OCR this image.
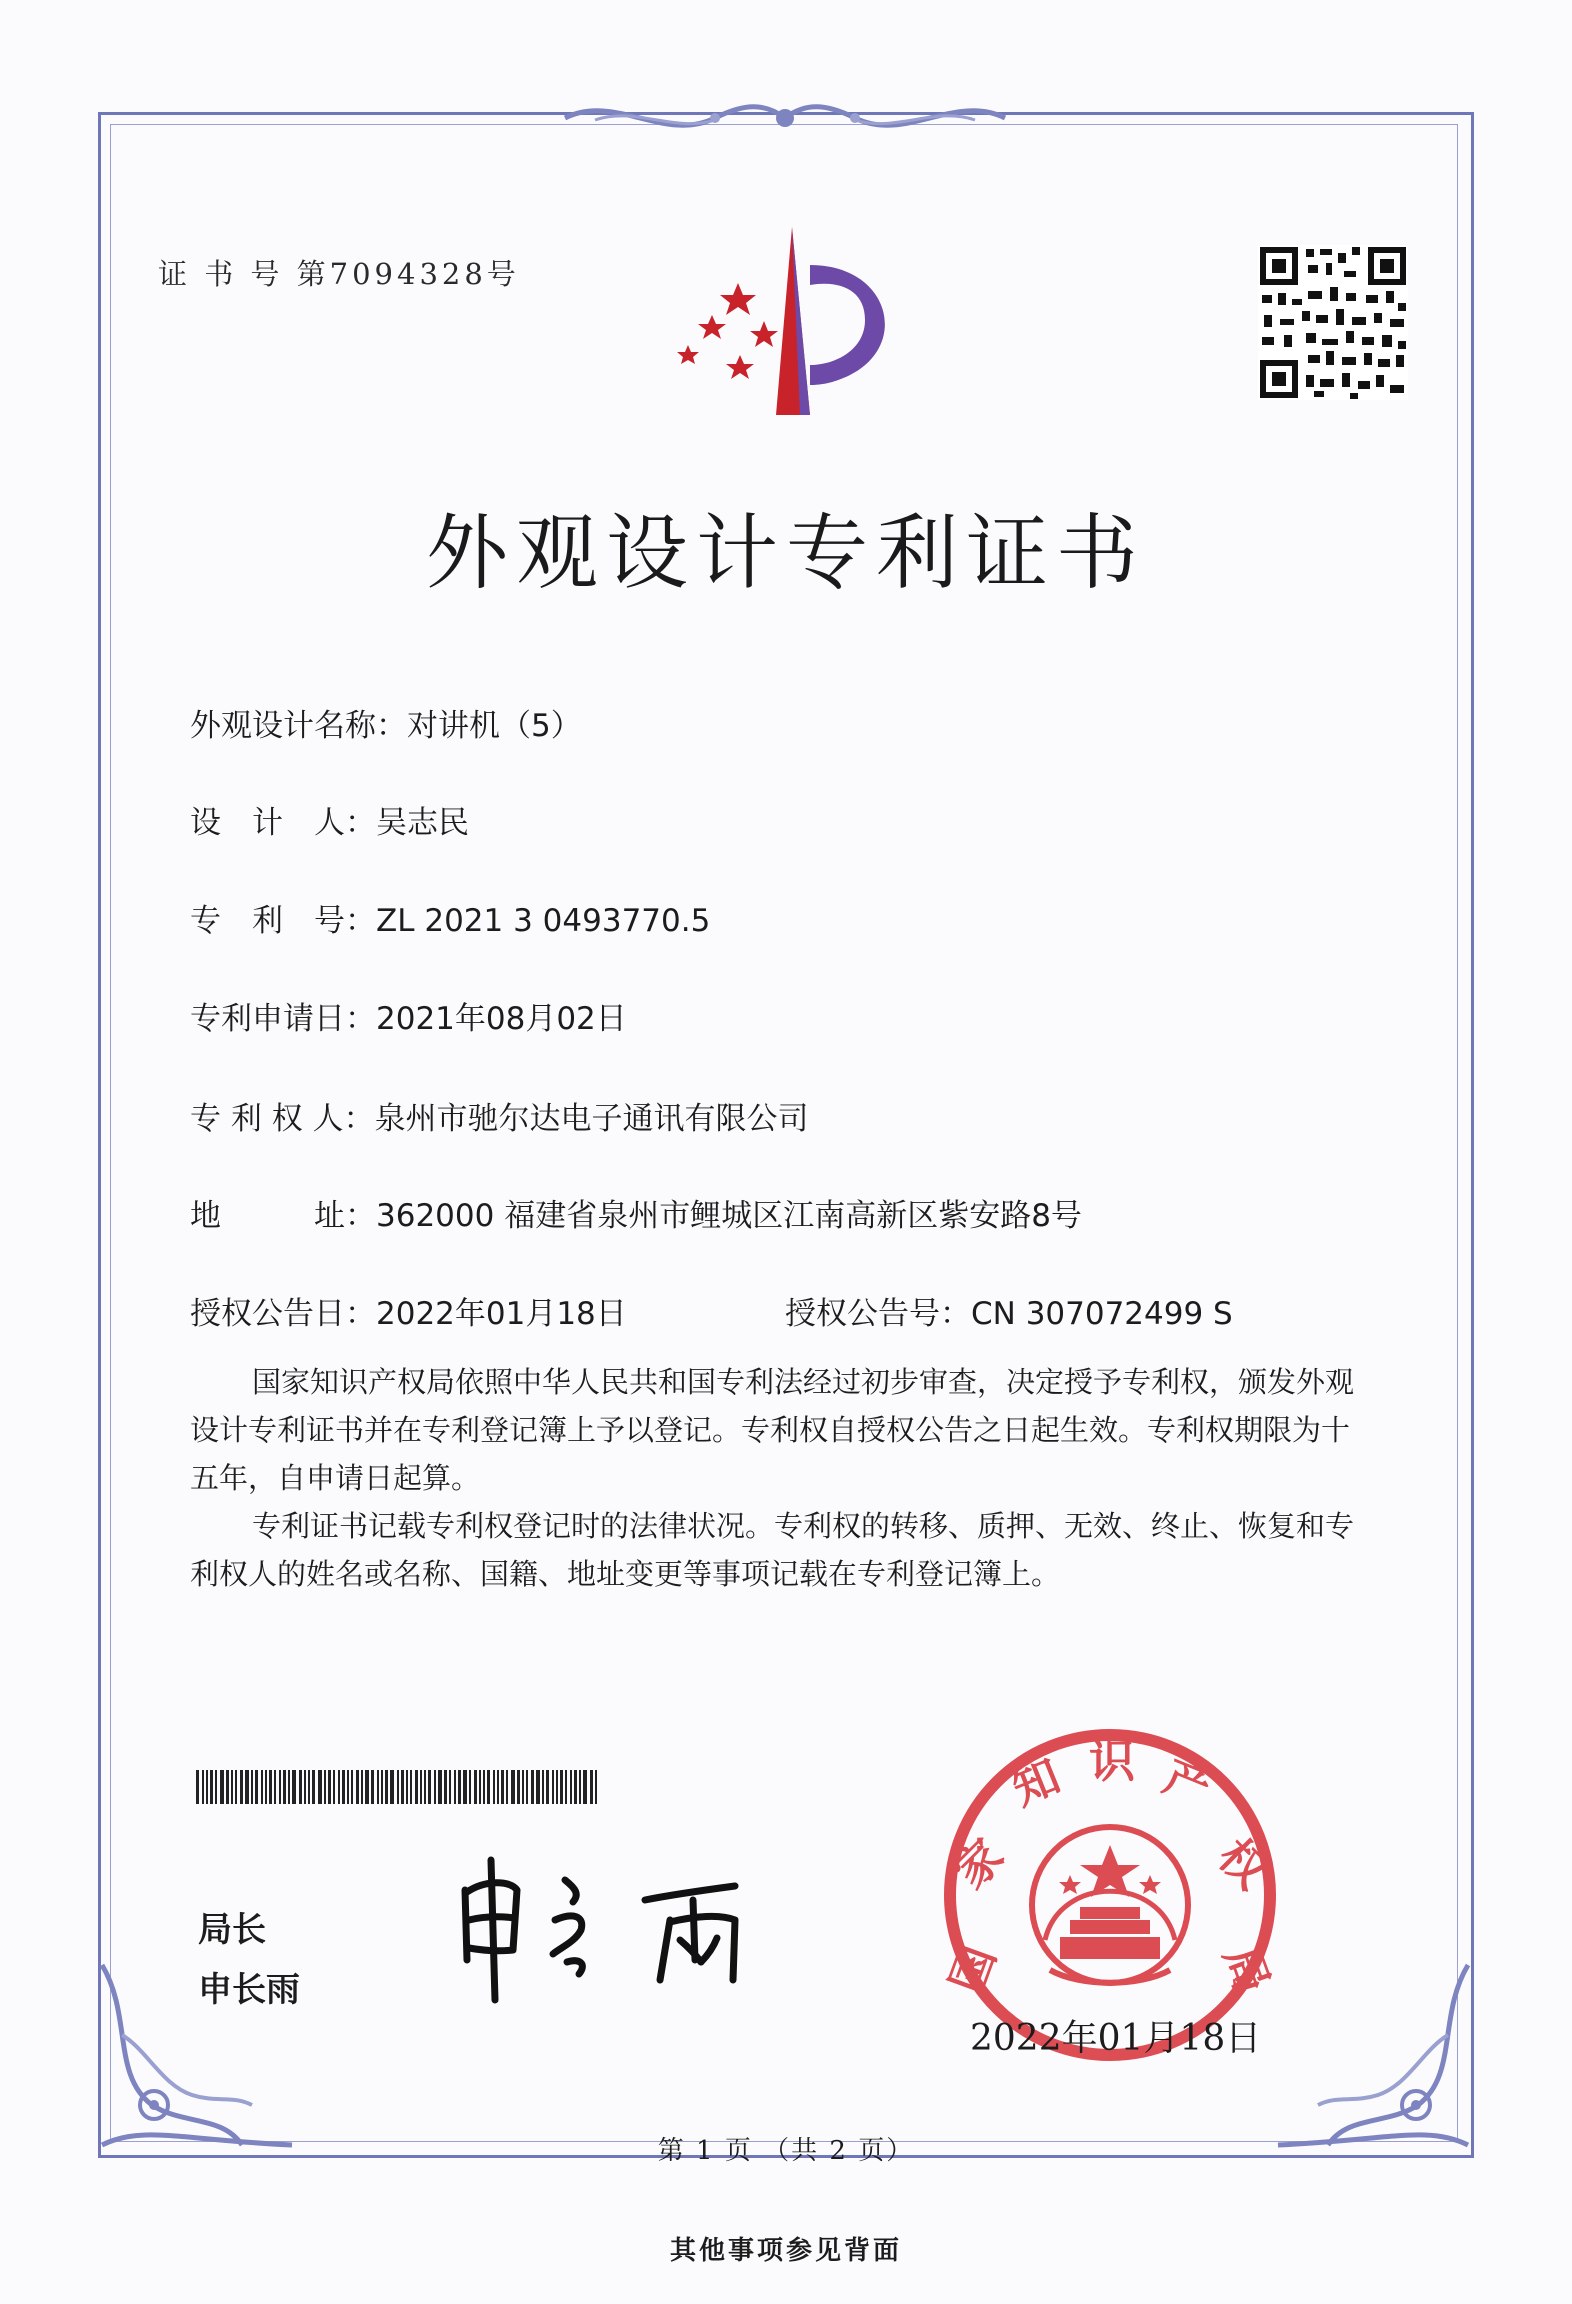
证 书 号 第7094328号
外观设计专利证书
外观设计名称：对讲机（5）
设　计　人：吴志民
专　利　号：ZL 2021 3 0493770.5
专利申请日：2021年08月02日
专 利 权 人：泉州市驰尔达电子通讯有限公司
地　　　址：362000 福建省泉州市鲤城区江南高新区紫安路8号
授权公告日：2022年01月18日	授权公告号：CN 307072499 S
国家知识产权局依照中华人民共和国专利法经过初步审查，决定授予专利权，颁发外观设计专利证书并在专利登记簿上予以登记。专利权自授权公告之日起生效。专利权期限为十五年，自申请日起算。
专利证书记载专利权登记时的法律状况。专利权的转移、质押、无效、终止、恢复和专利权人的姓名或名称、国籍、地址变更等事项记载在专利登记簿上。
局长
申长雨	国
家
知 识 产
权
局
2022年01月18日
第 1 页 （共 2 页）
其他事项参见背面
